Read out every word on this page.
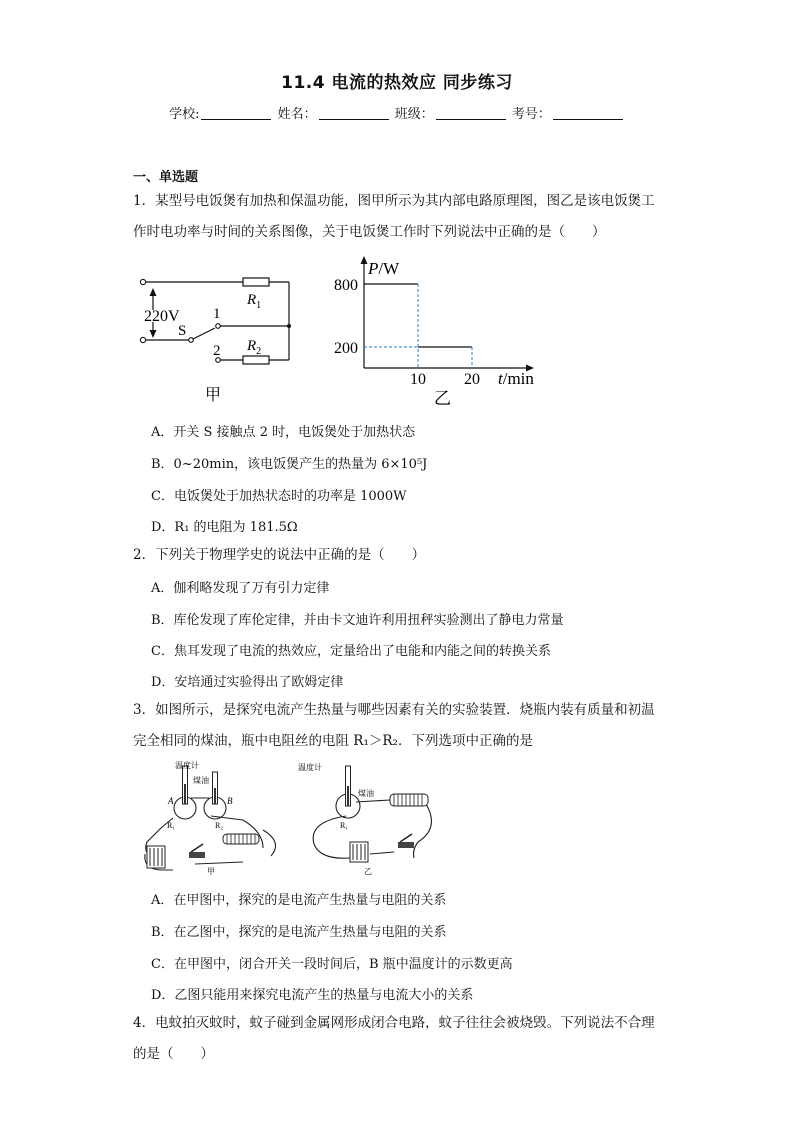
11.4 电流的热效应 同步练习
学校:	姓名：	班级：	考号：
一、单选题
1．某型号电饭煲有加热和保温功能，图甲所示为其内部电路原理图，图乙是该电饭煲工作时电功率与时间的关系图像，关于电饭煲工作时下列说法中正确的是（　　）
220V
S
1
2
$R_1$
$R_2$
甲
800
10
200
20
P/W
t/min
乙
A．开关 S 接触点 2 时，电饭煲处于加热状态
B．0~20min，该电饭煲产生的热量为 6×10⁵J
C．电饭煲处于加热状态时的功率是 1000W
D．R₁ 的电阻为 181.5Ω
2．下列关于物理学史的说法中正确的是（　　）
A．伽利略发现了万有引力定律
B．库伦发现了库伦定律，并由卡文迪许利用扭秤实验测出了静电力常量
C．焦耳发现了电流的热效应，定量给出了电能和内能之间的转换关系
D．安培通过实验得出了欧姆定律
3．如图所示，是探究电流产生热量与哪些因素有关的实验装置．烧瓶内装有质量和初温完全相同的煤油，瓶中电阻丝的电阻 R₁＞R₂．下列选项中正确的是
温度计
煤油
A	B
R₁	R₂
甲
温度计
煤油
R₁
乙
A．在甲图中，探究的是电流产生热量与电阻的关系
B．在乙图中，探究的是电流产生热量与电阻的关系
C．在甲图中，闭合开关一段时间后，B 瓶中温度计的示数更高
D．乙图只能用来探究电流产生的热量与电流大小的关系
4．电蚊拍灭蚊时，蚊子碰到金属网形成闭合电路，蚊子往往会被烧毁。下列说法不合理的是（　　）
